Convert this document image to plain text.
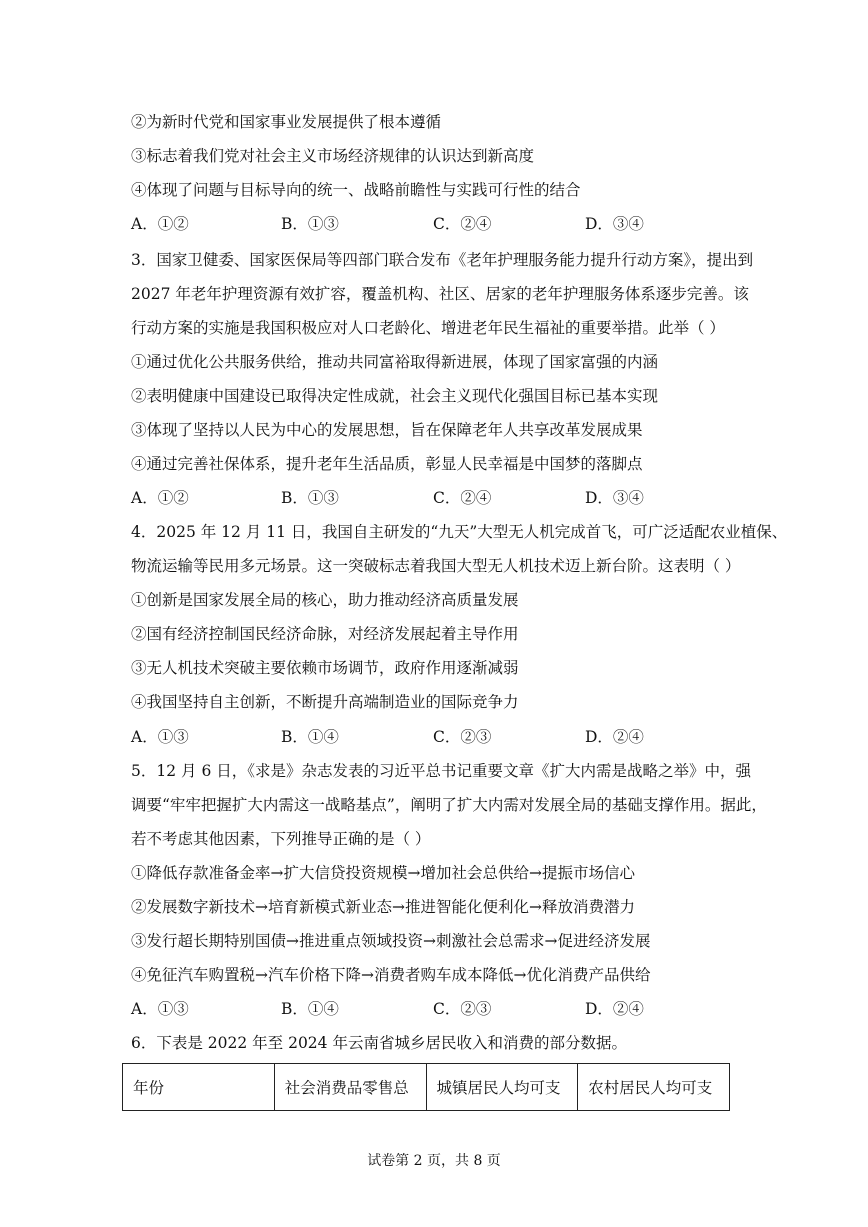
②为新时代党和国家事业发展提供了根本遵循
③标志着我们党对社会主义市场经济规律的认识达到新高度
④体现了问题与目标导向的统一、战略前瞻性与实践可行性的结合
A．①②	B．①③	C．②④	D．③④
3．国家卫健委、国家医保局等四部门联合发布《老年护理服务能力提升行动方案》，提出到
2027 年老年护理资源有效扩容，覆盖机构、社区、居家的老年护理服务体系逐步完善。该
行动方案的实施是我国积极应对人口老龄化、增进老年民生福祉的重要举措。此举（ ）
①通过优化公共服务供给，推动共同富裕取得新进展，体现了国家富强的内涵
②表明健康中国建设已取得决定性成就，社会主义现代化强国目标已基本实现
③体现了坚持以人民为中心的发展思想，旨在保障老年人共享改革发展成果
④通过完善社保体系，提升老年生活品质，彰显人民幸福是中国梦的落脚点
A．①②	B．①③	C．②④	D．③④
4．2025 年 12 月 11 日，我国自主研发的“九天”大型无人机完成首飞，可广泛适配农业植保、
物流运输等民用多元场景。这一突破标志着我国大型无人机技术迈上新台阶。这表明（ ）
①创新是国家发展全局的核心，助力推动经济高质量发展
②国有经济控制国民经济命脉，对经济发展起着主导作用
③无人机技术突破主要依赖市场调节，政府作用逐渐减弱
④我国坚持自主创新，不断提升高端制造业的国际竞争力
A．①③	B．①④	C．②③	D．②④
5．12 月 6 日，《求是》杂志发表的习近平总书记重要文章《扩大内需是战略之举》中，强
调要“牢牢把握扩大内需这一战略基点”，阐明了扩大内需对发展全局的基础支撑作用。据此，
若不考虑其他因素，下列推导正确的是（ ）
①降低存款准备金率→扩大信贷投资规模→增加社会总供给→提振市场信心
②发展数字新技术→培育新模式新业态→推进智能化便利化→释放消费潜力
③发行超长期特别国债→推进重点领域投资→刺激社会总需求→促进经济发展
④免征汽车购置税→汽车价格下降→消费者购车成本降低→优化消费产品供给
A．①③	B．①④	C．②③	D．②④
6．下表是 2022 年至 2024 年云南省城乡居民收入和消费的部分数据。
年份	社会消费品零售总	城镇居民人均可支	农村居民人均可支
试卷第 2 页，共 8 页
